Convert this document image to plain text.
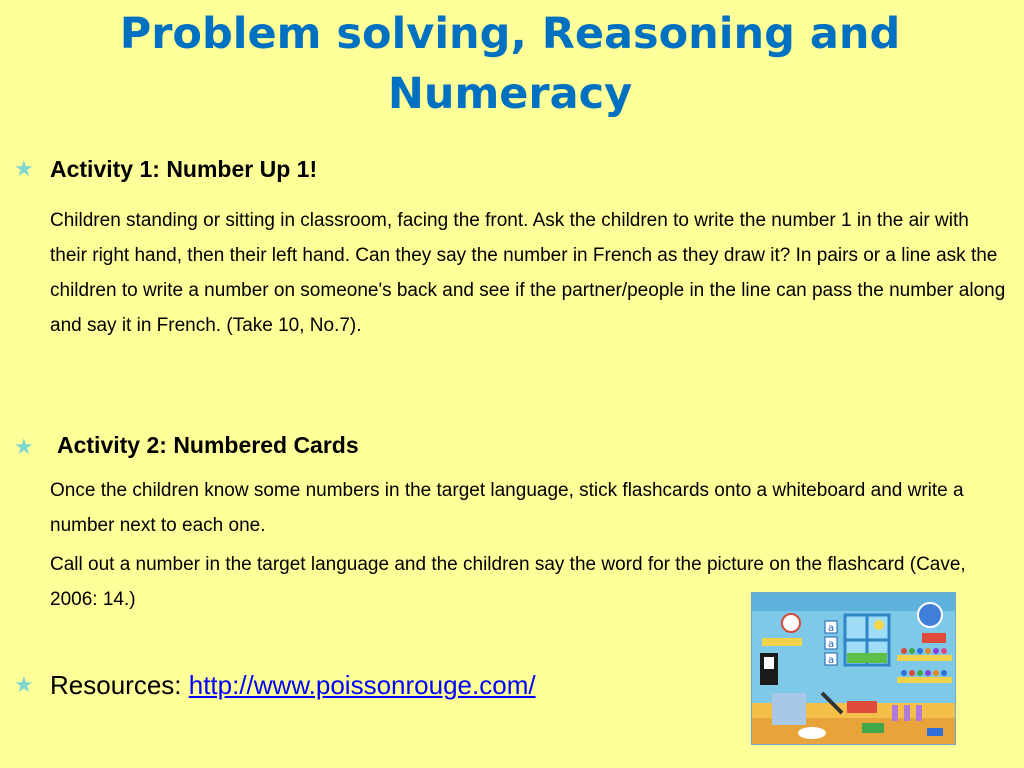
Problem solving, Reasoning and
Numeracy
★ Activity 1: Number Up 1!
Children standing or sitting in classroom, facing the front. Ask the children to write the number 1 in the air with their right hand, then their left hand. Can they say the number in French as they draw it? In pairs or a line ask the children to write a number on someone's back and see if the partner/people in the line can pass the number along and say it in French. (Take 10, No.7).
★ Activity 2: Numbered Cards
Once the children know some numbers in the target language, stick flashcards onto a whiteboard and write a number next to each one.
Call out a number in the target language and the children say the word for the picture on the flashcard (Cave, 2006: 14.)
★ Resources: http://www.poissonrouge.com/
a
a
a
